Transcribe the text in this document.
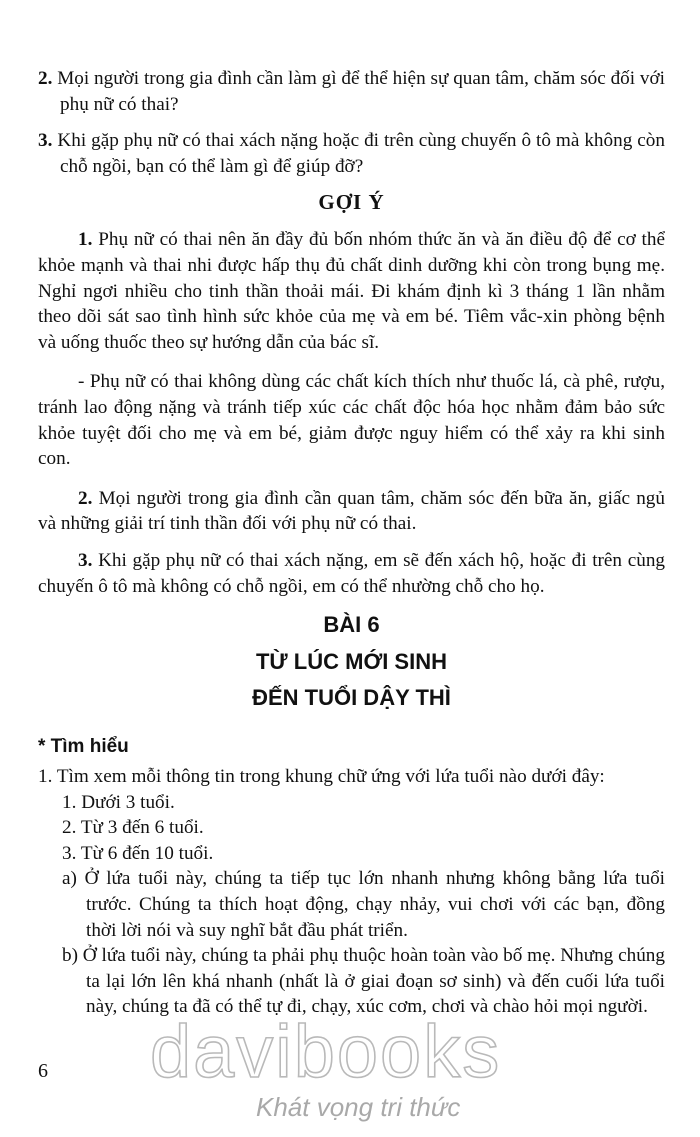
2. Mọi người trong gia đình cần làm gì để thể hiện sự quan tâm, chăm sóc đối với phụ nữ có thai?

3. Khi gặp phụ nữ có thai xách nặng hoặc đi trên cùng chuyến ô tô mà không còn chỗ ngồi, bạn có thể làm gì để giúp đỡ?

GỢI Ý

1. Phụ nữ có thai nên ăn đầy đủ bốn nhóm thức ăn và ăn điều độ để cơ thể khỏe mạnh và thai nhi được hấp thụ đủ chất dinh dưỡng khi còn trong bụng mẹ. Nghỉ ngơi nhiều cho tinh thần thoải mái. Đi khám định kì 3 tháng 1 lần nhằm theo dõi sát sao tình hình sức khỏe của mẹ và em bé. Tiêm vắc-xin phòng bệnh và uống thuốc theo sự hướng dẫn của bác sĩ.

- Phụ nữ có thai không dùng các chất kích thích như thuốc lá, cà phê, rượu, tránh lao động nặng và tránh tiếp xúc các chất độc hóa học nhằm đảm bảo sức khỏe tuyệt đối cho mẹ và em bé, giảm được nguy hiểm có thể xảy ra khi sinh con.

2. Mọi người trong gia đình cần quan tâm, chăm sóc đến bữa ăn, giấc ngủ và những giải trí tinh thần đối với phụ nữ có thai.

3. Khi gặp phụ nữ có thai xách nặng, em sẽ đến xách hộ, hoặc đi trên cùng chuyến ô tô mà không có chỗ ngồi, em có thể nhường chỗ cho họ.

BÀI 6
TỪ LÚC MỚI SINH
ĐẾN TUỔI DẬY THÌ
* Tìm hiểu

1. Tìm xem mỗi thông tin trong khung chữ ứng với lứa tuổi nào dưới đây:

1. Dưới 3 tuổi.

2. Từ 3 đến 6 tuổi.

3. Từ 6 đến 10 tuổi.

a) Ở lứa tuổi này, chúng ta tiếp tục lớn nhanh nhưng không bằng lứa tuổi trước. Chúng ta thích hoạt động, chạy nhảy, vui chơi với các bạn, đồng thời lời nói và suy nghĩ bắt đầu phát triển.

b) Ở lứa tuổi này, chúng ta phải phụ thuộc hoàn toàn vào bố mẹ. Nhưng chúng ta lại lớn lên khá nhanh (nhất là ở giai đoạn sơ sinh) và đến cuối lứa tuổi này, chúng ta đã có thể tự đi, chạy, xúc cơm, chơi và chào hỏi mọi người.

6 davibooks
Khát vọng tri thức
